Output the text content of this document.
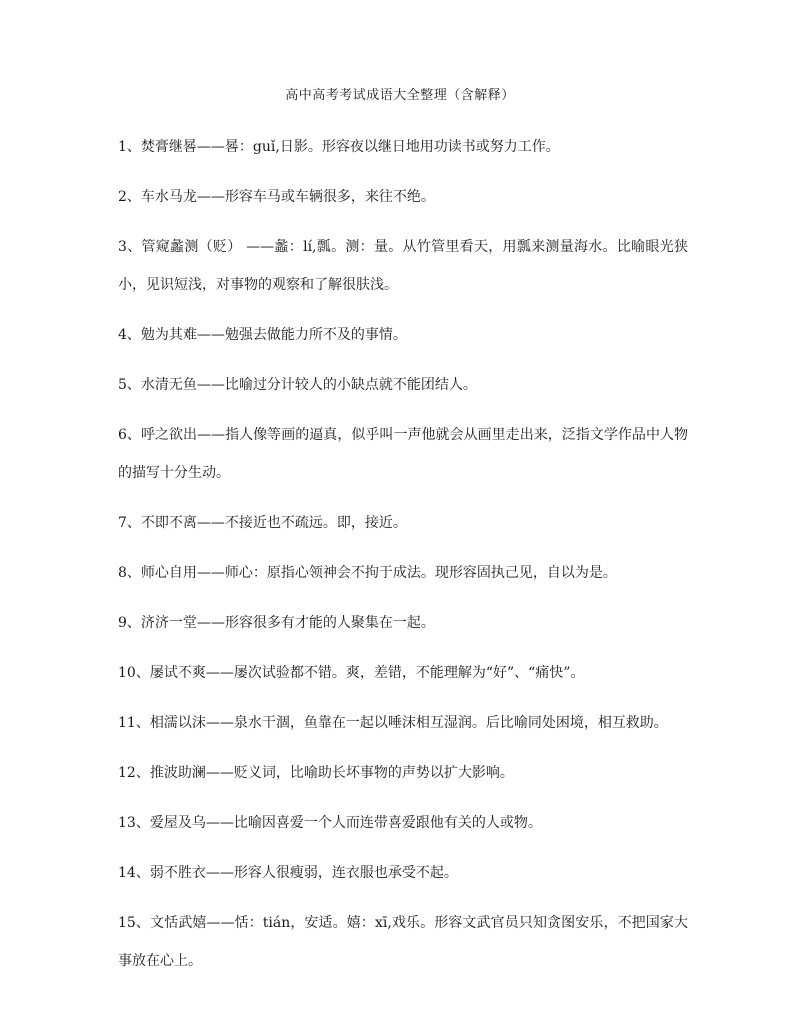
高中高考考试成语大全整理（含解释）
1、焚膏继晷——晷：guǐ,日影。形容夜以继日地用功读书或努力工作。
2、车水马龙——形容车马或车辆很多，来往不绝。
3、管窥蠡测（贬） ——蠡：lí,瓢。测：量。从竹管里看天，用瓢来测量海水。比喻眼光狭小，见识短浅，对事物的观察和了解很肤浅。
4、勉为其难——勉强去做能力所不及的事情。
5、水清无鱼——比喻过分计较人的小缺点就不能团结人。
6、呼之欲出——指人像等画的逼真，似乎叫一声他就会从画里走出来，泛指文学作品中人物的描写十分生动。
7、不即不离——不接近也不疏远。即，接近。
8、师心自用——师心：原指心领神会不拘于成法。现形容固执己见，自以为是。
9、济济一堂——形容很多有才能的人聚集在一起。
10、屡试不爽——屡次试验都不错。爽，差错，不能理解为“好”、“痛快”。
11、相濡以沫——泉水干涸，鱼靠在一起以唾沫相互湿润。后比喻同处困境，相互救助。
12、推波助澜——贬义词，比喻助长坏事物的声势以扩大影响。
13、爱屋及乌——比喻因喜爱一个人而连带喜爱跟他有关的人或物。
14、弱不胜衣——形容人很瘦弱，连衣服也承受不起。
15、文恬武嬉——恬：tián，安适。嬉：xī,戏乐。形容文武官员只知贪图安乐，不把国家大事放在心上。
